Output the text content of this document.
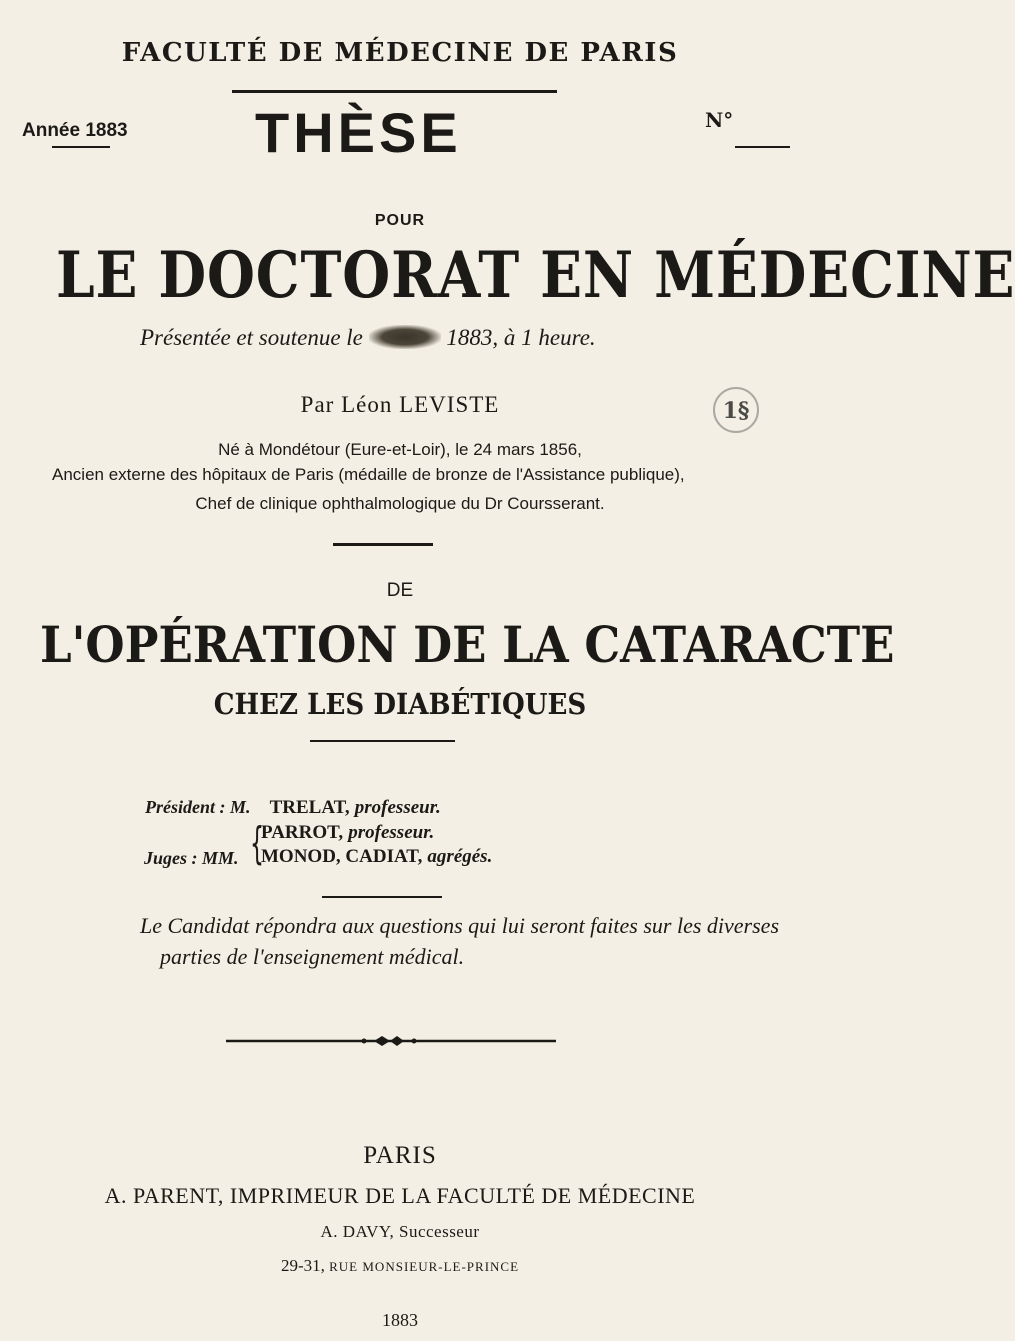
FACULTÉ DE MÉDECINE DE PARIS
Année 1883 THÈSE	N°
POUR
LE DOCTORAT EN MÉDECINE
Présentée et soutenue le	1883, à 1 heure.
1§
Par Léon LEVISTE
Né à Mondétour (Eure-et-Loir), le 24 mars 1856,
Ancien externe des hôpitaux de Paris (médaille de bronze de l'Assistance publique),
Chef de clinique ophthalmologique du Dr Coursserant.
DE
L'OPÉRATION DE LA CATARACTE
CHEZ LES DIABÉTIQUES
Président : M. TRELAT, professeur.
Juges : MM. {
PARROT, professeur.
MONOD, CADIAT, agrégés.
Le Candidat répondra aux questions qui lui seront faites sur les diverses
parties de l'enseignement médical.
PARIS
A. PARENT, IMPRIMEUR DE LA FACULTÉ DE MÉDECINE
A. DAVY, Successeur
29-31, RUE MONSIEUR-LE-PRINCE
1883
